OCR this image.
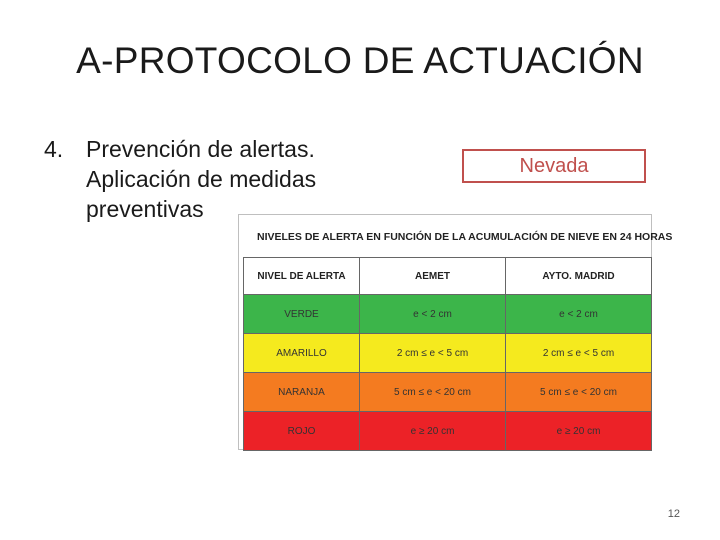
A-PROTOCOLO DE ACTUACIÓN
4. Prevención de alertas.
Aplicación de medidas
preventivas
Nevada
NIVELES DE ALERTA EN FUNCIÓN DE LA ACUMULACIÓN DE NIEVE EN 24 HORAS
NIVEL DE ALERTA	AEMET	AYTO. MADRID
VERDE	e < 2 cm	e < 2 cm
AMARILLO	2 cm ≤ e < 5 cm	2 cm ≤ e < 5 cm
NARANJA	5 cm ≤ e < 20 cm	5 cm ≤ e < 20 cm
ROJO	e ≥ 20 cm	e ≥ 20 cm
12
